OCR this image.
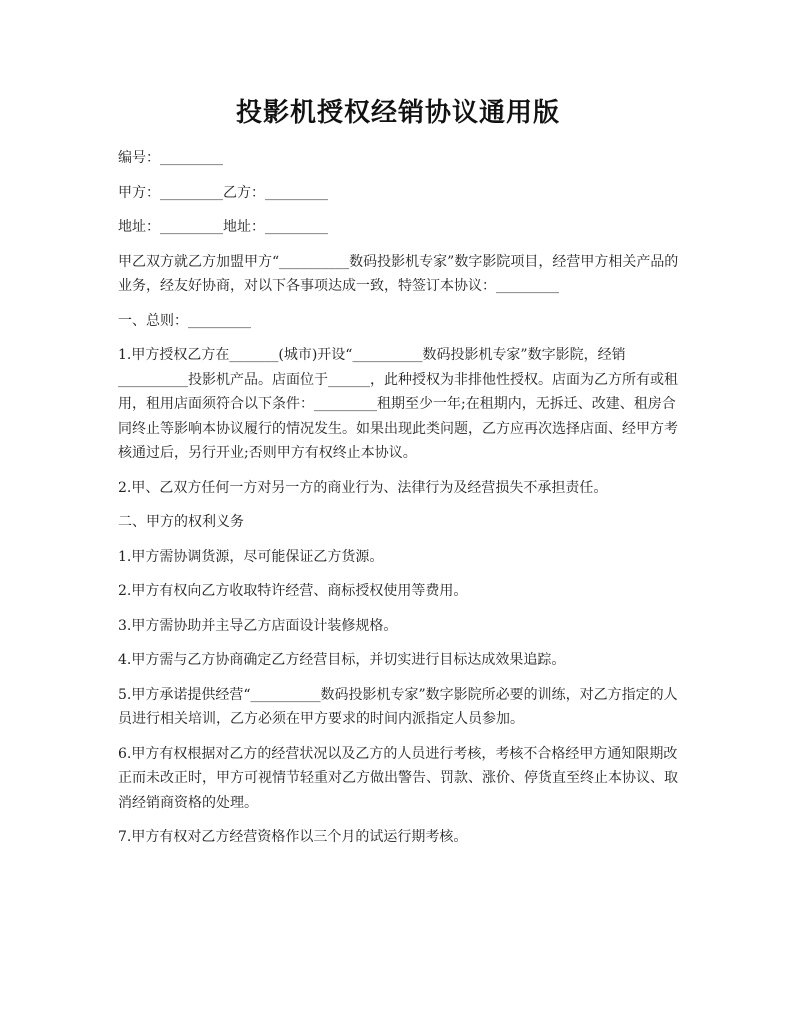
投影机授权经销协议通用版

编号：_________

甲方：_________乙方：_________

地址：_________地址：_________

甲乙双方就乙方加盟甲方“__________数码投影机专家”数字影院项目，经营甲方相关产品的业务，经友好协商，对以下各事项达成一致，特签订本协议：_________

一、总则：_________

1.甲方授权乙方在_______(城市)开设“__________数码投影机专家”数字影院，经销__________投影机产品。店面位于______，此种授权为非排他性授权。店面为乙方所有或租用，租用店面须符合以下条件：_________租期至少一年;在租期内，无拆迁、改建、租房合同终止等影响本协议履行的情况发生。如果出现此类问题，乙方应再次选择店面、经甲方考核通过后，另行开业;否则甲方有权终止本协议。

2.甲、乙双方任何一方对另一方的商业行为、法律行为及经营损失不承担责任。

二、甲方的权利义务

1.甲方需协调货源，尽可能保证乙方货源。

2.甲方有权向乙方收取特许经营、商标授权使用等费用。

3.甲方需协助并主导乙方店面设计装修规格。

4.甲方需与乙方协商确定乙方经营目标，并切实进行目标达成效果追踪。

5.甲方承诺提供经营“__________数码投影机专家”数字影院所必要的训练，对乙方指定的人员进行相关培训，乙方必须在甲方要求的时间内派指定人员参加。

6.甲方有权根据对乙方的经营状况以及乙方的人员进行考核，考核不合格经甲方通知限期改正而未改正时，甲方可视情节轻重对乙方做出警告、罚款、涨价、停货直至终止本协议、取消经销商资格的处理。

7.甲方有权对乙方经营资格作以三个月的试运行期考核。
